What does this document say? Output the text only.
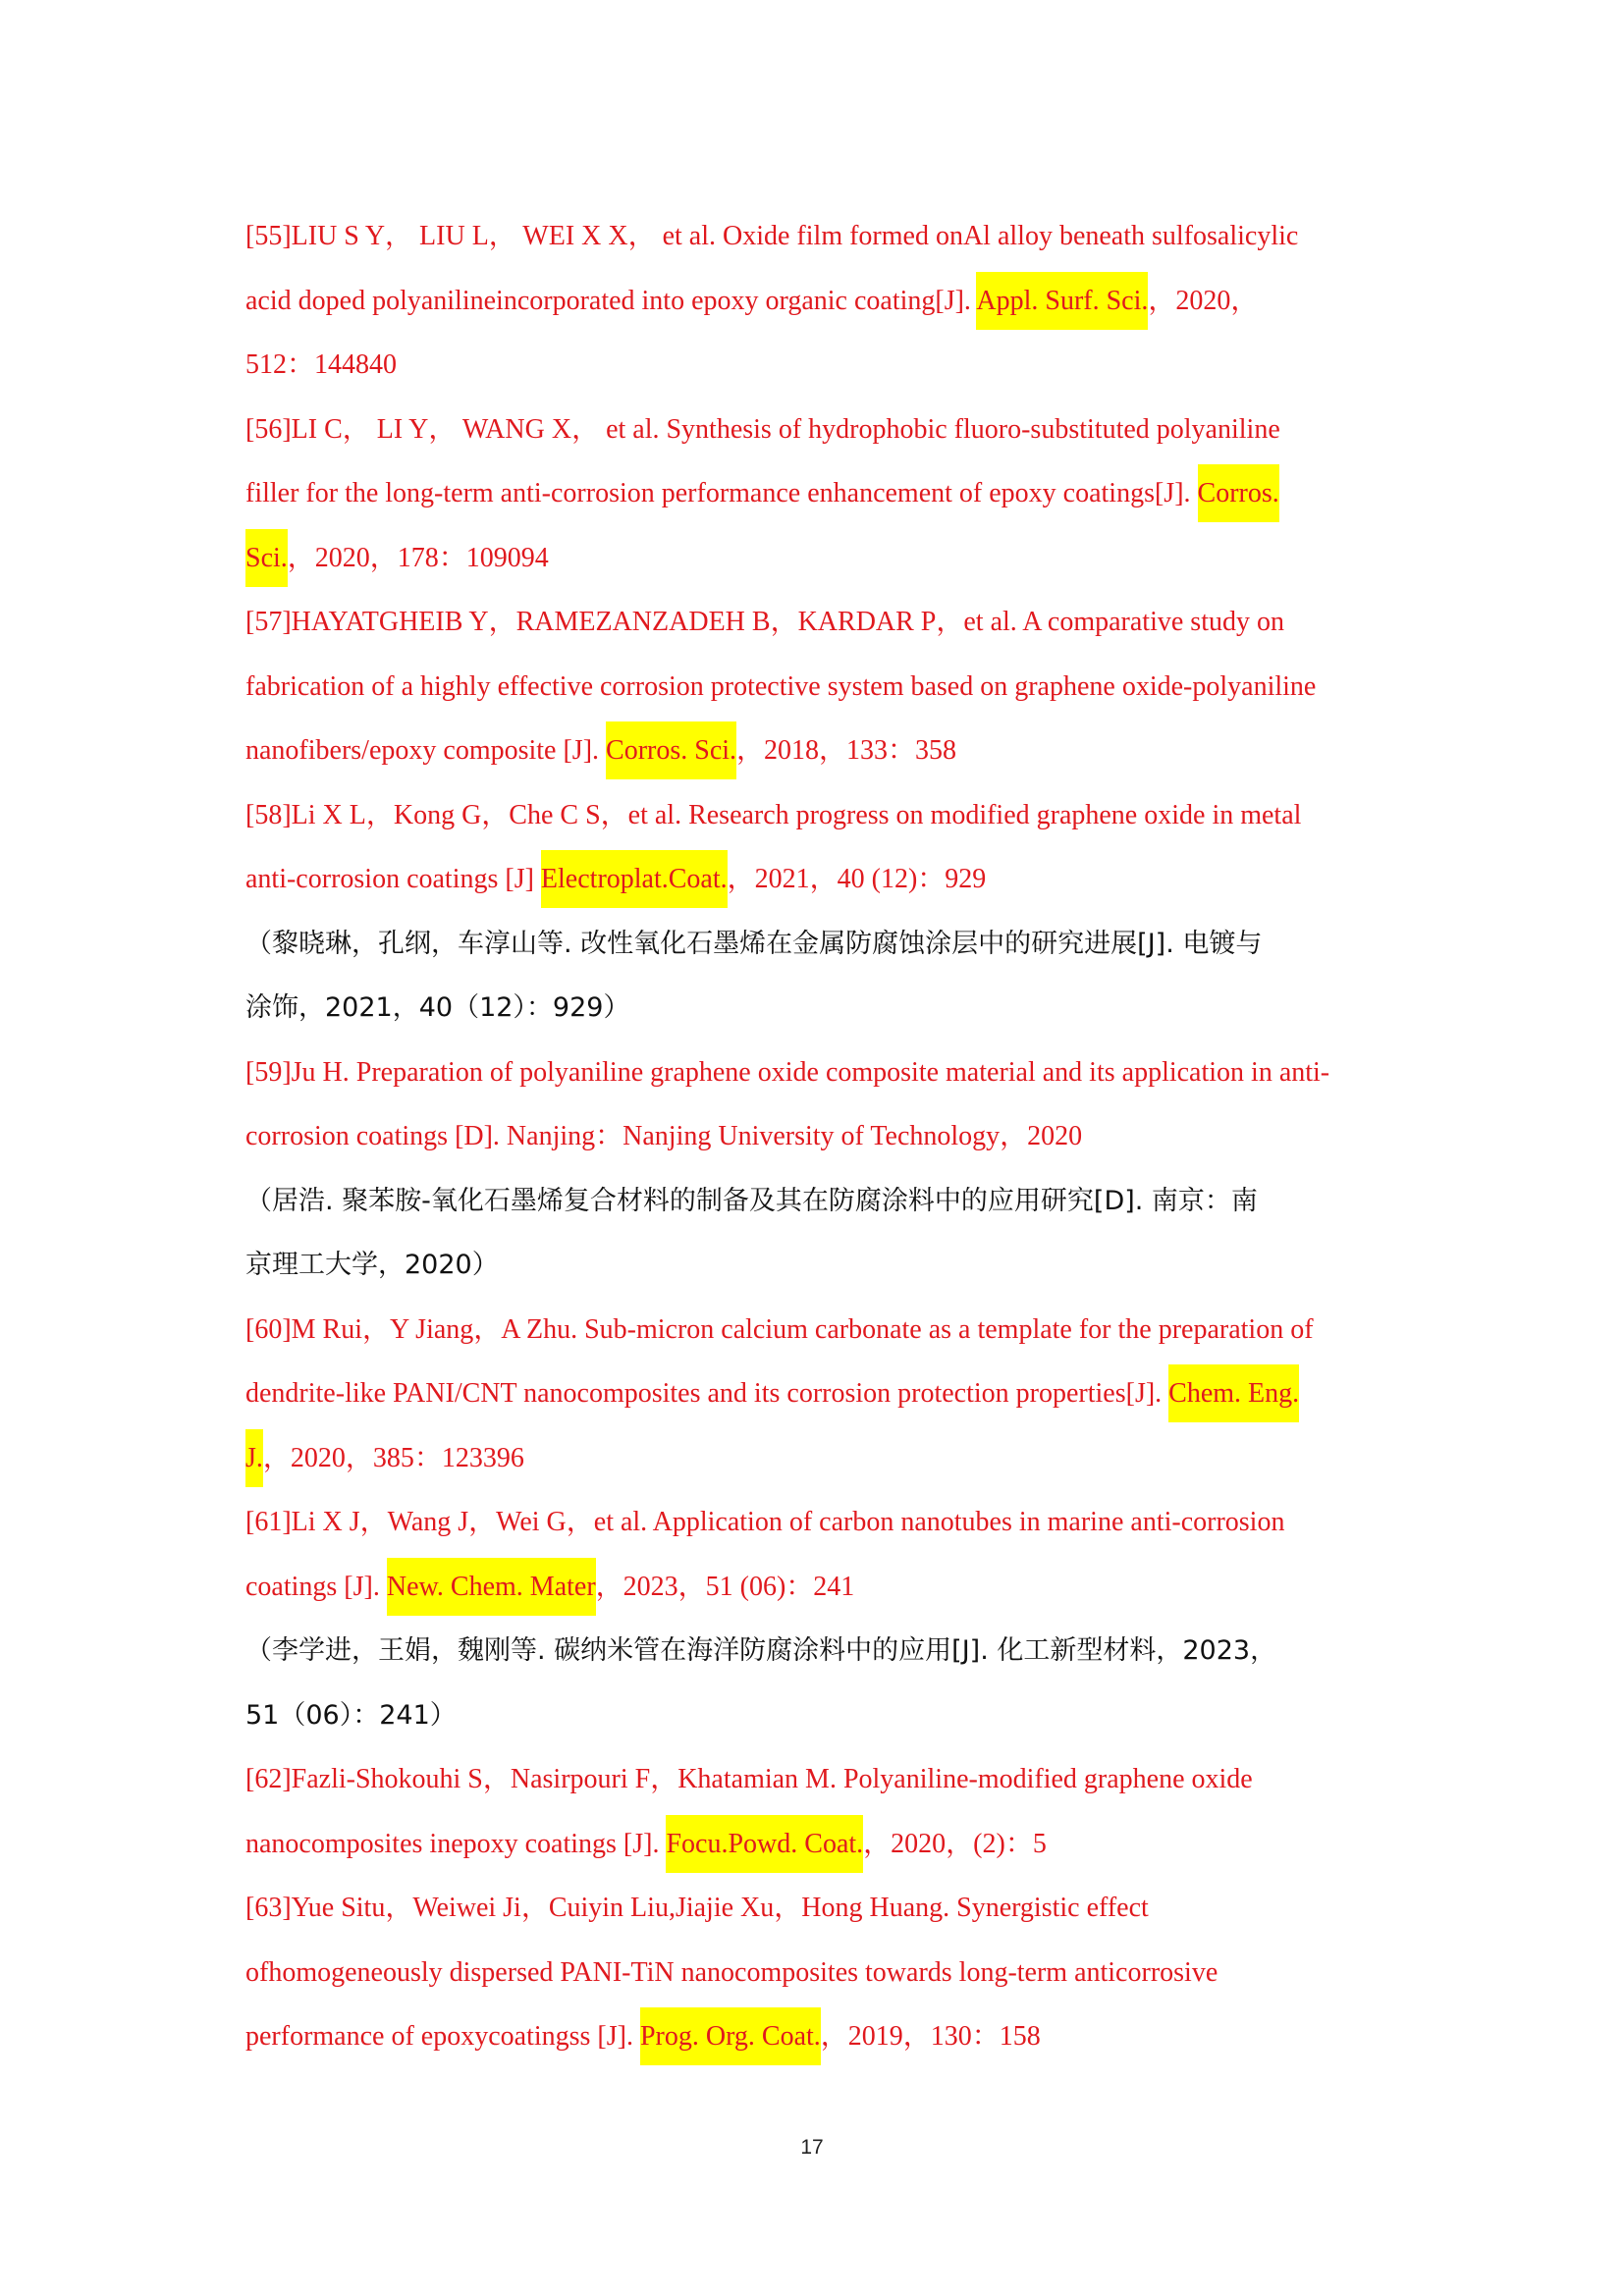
[55]LIU S Y， LIU L， WEI X X， et al. Oxide film formed onAl alloy beneath sulfosalicylic
acid doped polyanilineincorporated into epoxy organic coating[J]. Appl. Surf. Sci.，2020，
512：144840
[56]LI C， LI Y， WANG X， et al. Synthesis of hydrophobic fluoro-substituted polyaniline
filler for the long-term anti-corrosion performance enhancement of epoxy coatings[J]. Corros.
Sci.，2020，178：109094
[57]HAYATGHEIB Y，RAMEZANZADEH B，KARDAR P，et al. A comparative study on
fabrication of a highly effective corrosion protective system based on graphene oxide-polyaniline
nanofibers/epoxy composite [J]. Corros. Sci.，2018，133：358
[58]Li X L，Kong G，Che C S，et al. Research progress on modified graphene oxide in metal
anti-corrosion coatings [J] Electroplat.Coat.，2021，40 (12)：929
（黎晓琳，孔纲，车淳山等. 改性氧化石墨烯在金属防腐蚀涂层中的研究进展[J]. 电镀与
涂饰，2021，40（12）：929）
[59]Ju H. Preparation of polyaniline graphene oxide composite material and its application in anti-
corrosion coatings [D]. Nanjing：Nanjing University of Technology，2020
（居浩. 聚苯胺-氧化石墨烯复合材料的制备及其在防腐涂料中的应用研究[D]. 南京：南
京理工大学，2020）
[60]M Rui，Y Jiang，A Zhu. Sub-micron calcium carbonate as a template for the preparation of
dendrite-like PANI/CNT nanocomposites and its corrosion protection properties[J]. Chem. Eng.
J.，2020，385：123396
[61]Li X J，Wang J，Wei G，et al. Application of carbon nanotubes in marine anti-corrosion
coatings [J]. New. Chem. Mater，2023，51 (06)：241
（李学进，王娟，魏刚等. 碳纳米管在海洋防腐涂料中的应用[J]. 化工新型材料，2023，
51（06）：241）
[62]Fazli-Shokouhi S，Nasirpouri F，Khatamian M. Polyaniline-modified graphene oxide
nanocomposites inepoxy coatings [J]. Focu.Powd. Coat.，2020，(2)：5
[63]Yue Situ，Weiwei Ji，Cuiyin Liu,Jiajie Xu，Hong Huang. Synergistic effect
ofhomogeneously dispersed PANI-TiN nanocomposites towards long-term anticorrosive
performance of epoxycoatingss [J]. Prog. Org. Coat.，2019，130：158
17
